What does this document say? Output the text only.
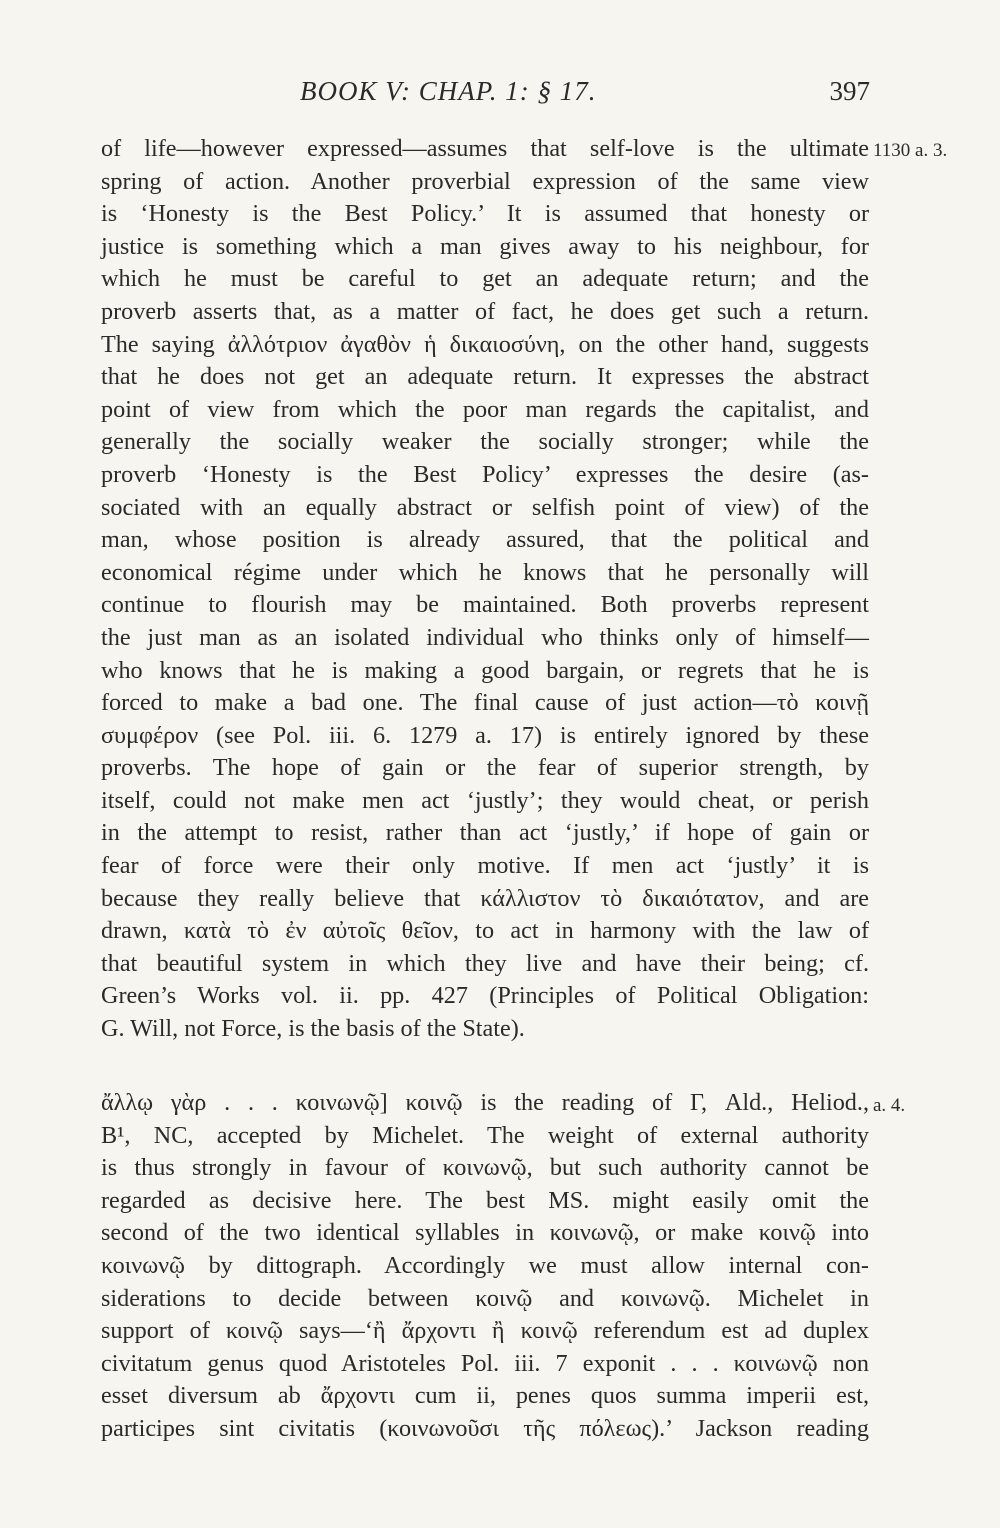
BOOK V: CHAP. 1: § 17.	397
of life—however expressed—assumes that self-love is the ultimate
spring of action. Another proverbial expression of the same view
is ‘Honesty is the Best Policy.’ It is assumed that honesty or
justice is something which a man gives away to his neighbour, for
which he must be careful to get an adequate return; and the
proverb asserts that, as a matter of fact, he does get such a return.
The saying ἀλλότριον ἀγαθὸν ἡ δικαιοσύνη, on the other hand, suggests
that he does not get an adequate return. It expresses the abstract
point of view from which the poor man regards the capitalist, and
generally the socially weaker the socially stronger; while the
proverb ‘Honesty is the Best Policy’ expresses the desire (as-
sociated with an equally abstract or selfish point of view) of the
man, whose position is already assured, that the political and
economical régime under which he knows that he personally will
continue to flourish may be maintained. Both proverbs represent
the just man as an isolated individual who thinks only of himself—
who knows that he is making a good bargain, or regrets that he is
forced to make a bad one. The final cause of just action—τὸ κοινῇ
συμφέρον (see Pol. iii. 6. 1279 a. 17) is entirely ignored by these
proverbs. The hope of gain or the fear of superior strength, by
itself, could not make men act ‘justly’; they would cheat, or perish
in the attempt to resist, rather than act ‘justly,’ if hope of gain or
fear of force were their only motive. If men act ‘justly’ it is
because they really believe that κάλλιστον τὸ δικαιότατον, and are
drawn, κατὰ τὸ ἐν αὐτοῖς θεῖον, to act in harmony with the law of
that beautiful system in which they live and have their being; cf.
Green’s Works vol. ii. pp. 427 (Principles of Political Obligation:
G. Will, not Force, is the basis of the State).
1130 a. 3.
ἄλλῳ γὰρ . . . κοινωνῷ] κοινῷ is the reading of Γ, Ald., Heliod.,
B¹, NC, accepted by Michelet. The weight of external authority
is thus strongly in favour of κοινωνῷ, but such authority cannot be
regarded as decisive here. The best MS. might easily omit the
second of the two identical syllables in κοινωνῷ, or make κοινῷ into
κοινωνῷ by dittograph. Accordingly we must allow internal con-
siderations to decide between κοινῷ and κοινωνῷ. Michelet in
support of κοινῷ says—‘ἢ ἄρχοντι ἢ κοινῷ referendum est ad duplex
civitatum genus quod Aristoteles Pol. iii. 7 exponit . . . κοινωνῷ non
esset diversum ab ἄρχοντι cum ii, penes quos summa imperii est,
participes sint civitatis (κοινωνοῦσι τῆς πόλεως).’ Jackson reading
a. 4.
